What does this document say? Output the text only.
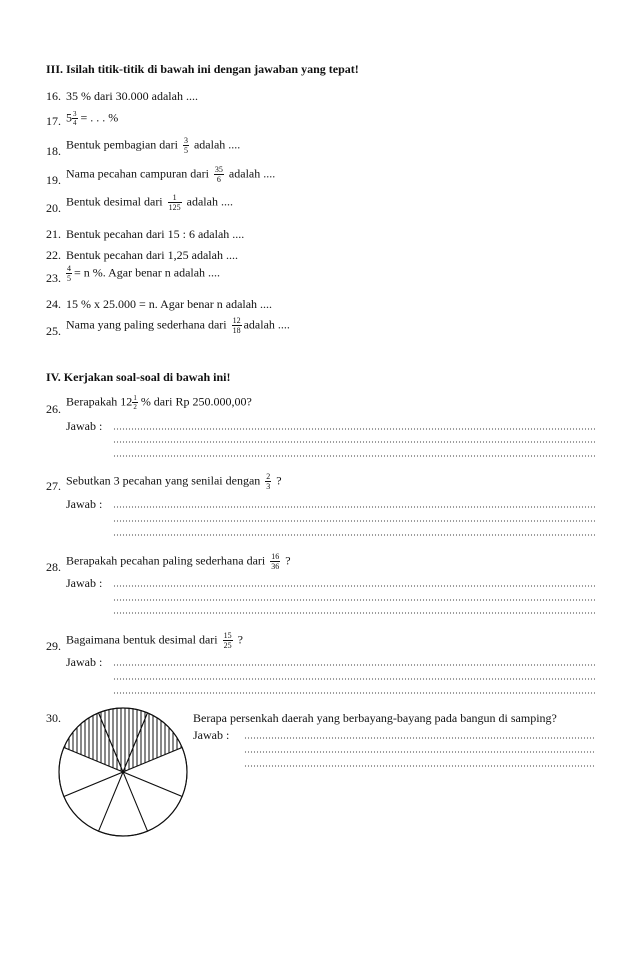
III. Isilah titik-titik di bawah ini dengan jawaban yang tepat!
16. 35 % dari 30.000 adalah ....
17. $5 \frac{3}{4}$ = . . . %
18. Bentuk pembagian dari $\frac{3}{5}$ adalah ....
19. Nama pecahan campuran dari $\frac{35}{6}$ adalah ....
20. Bentuk desimal dari $\frac{1}{125}$ adalah ....
21. Bentuk pecahan dari 15 : 6 adalah ....
22. Bentuk pecahan dari 1,25 adalah ....
23. $\frac{4}{5} = n$ %. Agar benar n adalah ....
24. 15 % x 25.000 = n. Agar benar n adalah ....
25. Nama yang paling sederhana dari $\frac{12}{18}$ adalah ....
IV. Kerjakan soal-soal di bawah ini!
26.
Berapakah $12 \frac{1}{2}$ % dari Rp 250.000,00?
Jawab :
27. Sebutkan 3 pecahan yang senilai dengan $\frac{2}{3}$ ?
Jawab :
28. Berapakah pecahan paling sederhana dari $\frac{16}{36}$ ?
Jawab :
29. Bagaimana bentuk desimal dari $\frac{15}{25}$ ?
Jawab :
30.	Berapa persenkah daerah yang berbayang-bayang pada bangun di samping?
Jawab :
